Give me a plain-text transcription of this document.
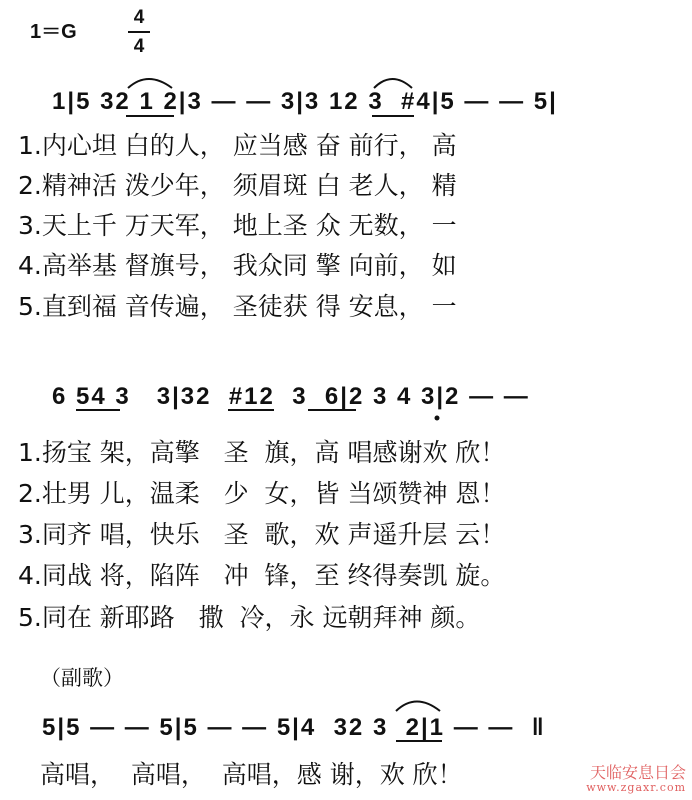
1＝G
4
4
1|5 32 1 2|3 — — 3|3 12 3  #4|5 — — 5|
1.内心坦 白的人， 应当感 奋 前行， 高
2.精神活 泼少年， 须眉斑 白 老人， 精
3.天上千 万天军， 地上圣 众 无数， 一
4.高举基 督旗号， 我众同 擎 向前， 如
5.直到福 音传遍， 圣徒获 得 安息， 一
6 54 3   3|32  #12  3  6|2 3 4 3|2 — —
1.扬宝 架，高擎   圣  旗，高 唱感谢欢 欣！
2.壮男 儿，温柔   少  女，皆 当颂赞神 恩！
3.同齐 唱，快乐   圣  歌，欢 声遥升层 云！
4.同战 将，陷阵   冲  锋，至 终得奏凯 旋。
5.同在 新耶路   撒  冷，永 远朝拜神 颜。
（副歌）
5|5 — — 5|5 — — 5|4  32 3  2|1 — —  ‖
高唱，  高唱，  高唱，感 谢，欢 欣！	天临安息日会
www.zgaxr.com
